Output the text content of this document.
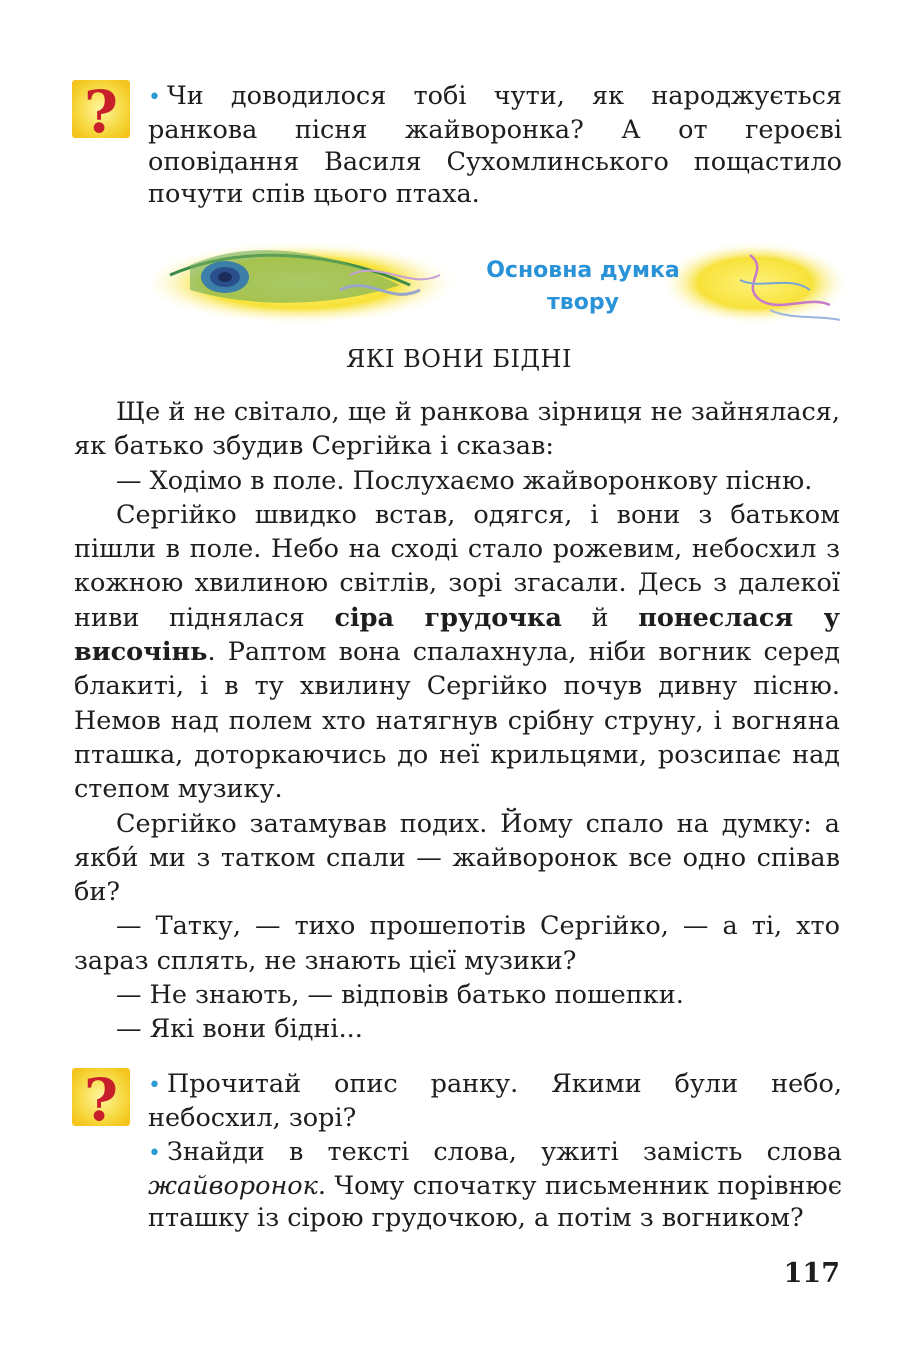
? • Чи доводилося тобі чути, як народжується ранкова пісня жайворонка? А от героєві оповідання Василя Сухомлинського пощастило почути спів цього птаха.

Основна думка
твору
ЯКІ ВОНИ БІДНІ

Ще й не світало, ще й ранкова зірниця не зайнялася, як батько збудив Сергійка і сказав:

— Ходімо в поле. Послухаємо жайворонкову пісню.

Сергійко швидко встав, одягся, і вони з батьком пішли в поле. Небо на сході стало рожевим, небосхил з кожною хвилиною світлів, зорі згасали. Десь з далекої ниви піднялася сіра грудочка й понеслася у височінь. Раптом вона спалахнула, ніби вогник серед блакиті, і в ту хвилину Сергійко почув дивну пісню. Немов над полем хто натягнув срібну струну, і вогняна пташка, доторкаючись до неї крильцями, розсипає над степом музику.

Сергійко затамував подих. Йому спало на думку: а якби́ ми з татком спали — жайворонок все одно співав би?

— Татку, — тихо прошепотів Сергійко, — а ті, хто зараз сплять, не знають цієї музики?

— Не знають, — відповів батько пошепки.

— Які вони бідні...

? • Прочитай опис ранку. Якими були небо, небосхил, зорі?

• Знайди в тексті слова, ужиті замість слова жайворонок. Чому спочатку письменник порівнює пташку із сірою грудочкою, а потім з вогником?

117
